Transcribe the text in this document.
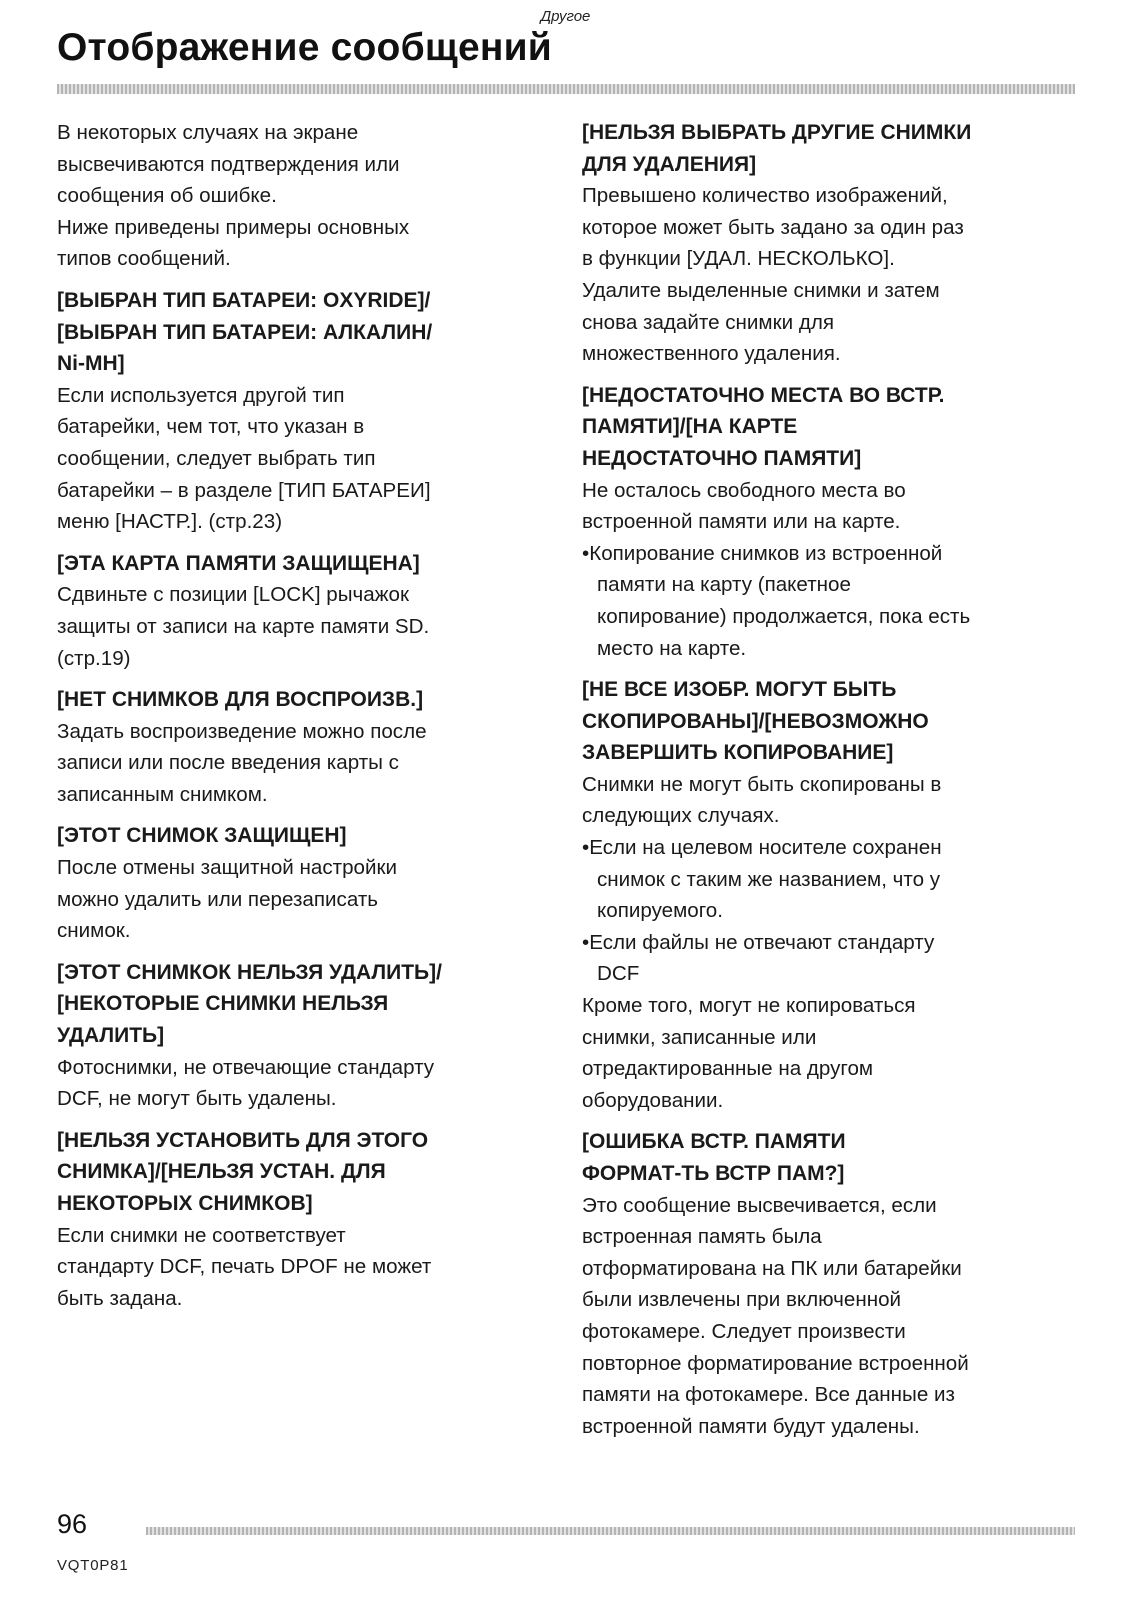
Другое
Отображение сообщений

В некоторых случаях на экране
высвечиваются подтверждения или
сообщения об ошибке.

Ниже приведены примеры основных
типов сообщений.

[ВЫБРАН ТИП БАТАРЕИ: OXYRIDE]/
[ВЫБРАН ТИП БАТАРЕИ: АЛКАЛИН/
Ni-MH]

Если используется другой тип
батарейки, чем тот, что указан в
сообщении, следует выбрать тип
батарейки – в разделе [ТИП БАТАРЕИ]
меню [НАСТР.]. (стр.23)

[ЭТА КАРТА ПАМЯТИ ЗАЩИЩЕНА]

Сдвиньте с позиции [LOCK] рычажок
защиты от записи на карте памяти SD.
(стр.19)

[НЕТ СНИМКОВ ДЛЯ ВОСПРОИЗВ.]

Задать воспроизведение можно после
записи или после введения карты с
записанным снимком.

[ЭТОТ СНИМОК ЗАЩИЩЕН]

После отмены защитной настройки
можно удалить или перезаписать
снимок.

[ЭТОТ СНИМКОК НЕЛЬЗЯ УДАЛИТЬ]/
[НЕКОТОРЫЕ СНИМКИ НЕЛЬЗЯ
УДАЛИТЬ]

Фотоснимки, не отвечающие стандарту
DCF, не могут быть удалены.

[НЕЛЬЗЯ УСТАНОВИТЬ ДЛЯ ЭТОГО
СНИМКА]/[НЕЛЬЗЯ УСТАН. ДЛЯ
НЕКОТОРЫХ СНИМКОВ]

Если снимки не соответствует
стандарту DCF, печать DPOF не может
быть задана.

[НЕЛЬЗЯ ВЫБРАТЬ ДРУГИЕ СНИМКИ
ДЛЯ УДАЛЕНИЯ]

Превышено количество изображений,
которое может быть задано за один раз
в функции [УДАЛ. НЕСКОЛЬКО].

Удалите выделенные снимки и затем
снова задайте снимки для
множественного удаления.

[НЕДОСТАТОЧНО МЕСТА ВО ВСТР.
ПАМЯТИ]/[НА КАРТЕ
НЕДОСТАТОЧНО ПАМЯТИ]

Не осталось свободного места во
встроенной памяти или на карте.

•Копирование снимков из встроенной
памяти на карту (пакетное
копирование) продолжается, пока есть
место на карте.

[НЕ ВСЕ ИЗОБР. МОГУТ БЫТЬ
СКОПИРОВАНЫ]/[НЕВОЗМОЖНО
ЗАВЕРШИТЬ КОПИРОВАНИЕ]

Снимки не могут быть скопированы в
следующих случаях.

•Если на целевом носителе сохранен
снимок с таким же названием, что у
копируемого.

•Если файлы не отвечают стандарту
DCF

Кроме того, могут не копироваться
снимки, записанные или
отредактированные на другом
оборудовании.

[ОШИБКА ВСТР. ПАМЯТИ
ФОРМАТ-ТЬ ВСТР ПАМ?]

Это сообщение высвечивается, если
встроенная память была
отформатирована на ПК или батарейки
были извлечены при включенной
фотокамере. Следует произвести
повторное форматирование встроенной
памяти на фотокамере. Все данные из
встроенной памяти будут удалены.

96
VQT0P81
